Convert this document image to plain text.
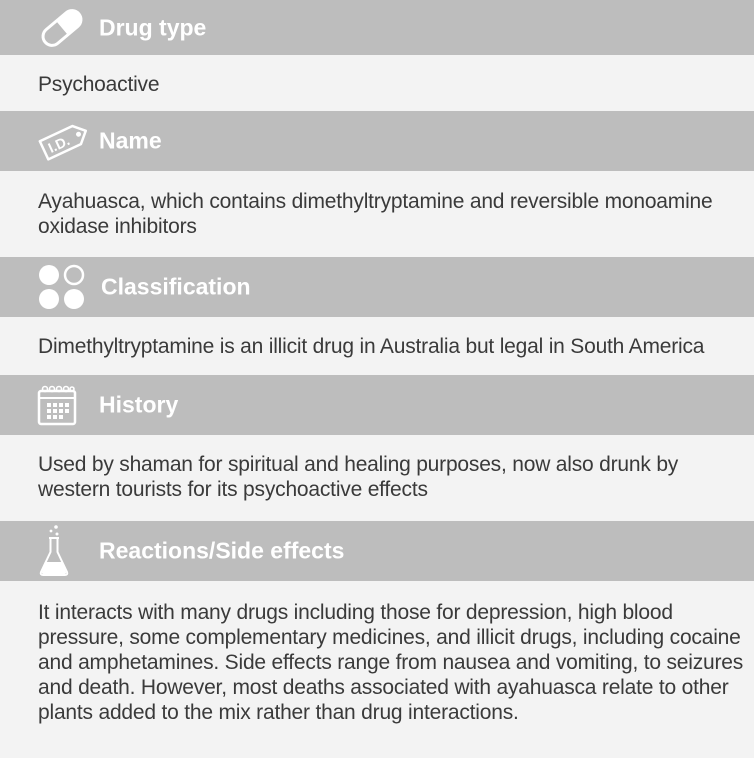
Drug type
Psychoactive
I.D. Name
Ayahuasca, which contains dimethyltryptamine and reversible monoamine oxidase inhibitors
Classification
Dimethyltryptamine is an illicit drug in Australia but legal in South America
History
Used by shaman for spiritual and healing purposes, now also drunk by western tourists for its psychoactive effects
Reactions/Side effects
It interacts with many drugs including those for depression, high blood pressure, some complementary medicines, and illicit drugs, including cocaine and amphetamines. Side effects range from nausea and vomiting, to seizures and death. However, most deaths associated with ayahuasca relate to other plants added to the mix rather than drug interactions.
